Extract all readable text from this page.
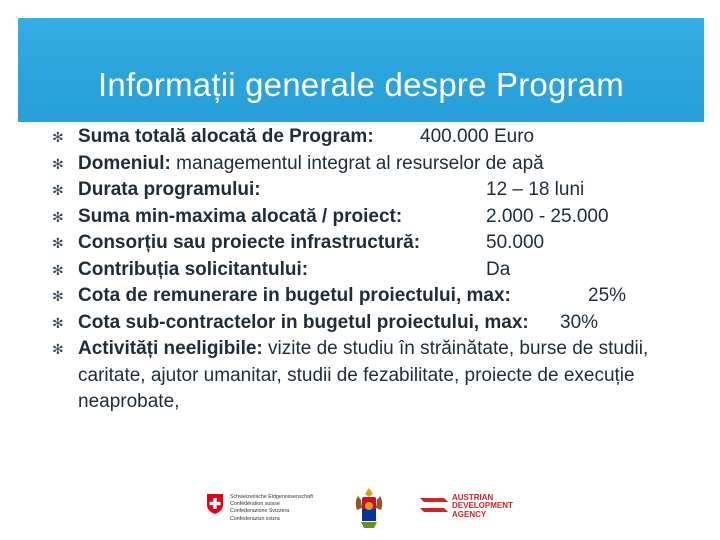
Informații generale despre Program
✻ Suma totală alocată de Program: 400.000 Euro
✻ Domeniul: managementul integrat al resurselor de apă
✻ Durata programului:	12 – 18 luni
✻ Suma min-maxima alocată / proiect:	2.000 - 25.000
✻ Consorțiu sau proiecte infrastructură:	50.000
✻ Contribuția solicitantului:	Da
✻ Cota de remunerare in bugetul proiectului, max:	25%
✻ Cota sub-contractelor in bugetul proiectului, max: 30%
✻ Activități neeligibile: vizite de studiu în străinătate, burse de studii, caritate, ajutor umanitar, studii de fezabilitate, proiecte de execuție neaprobate,
Schweizerische Eidgenossenschaft
Confédération suisse
Confederazione Svizzera
Confederaziun svizra
AUSTRIAN
DEVELOPMENT
AGENCY
